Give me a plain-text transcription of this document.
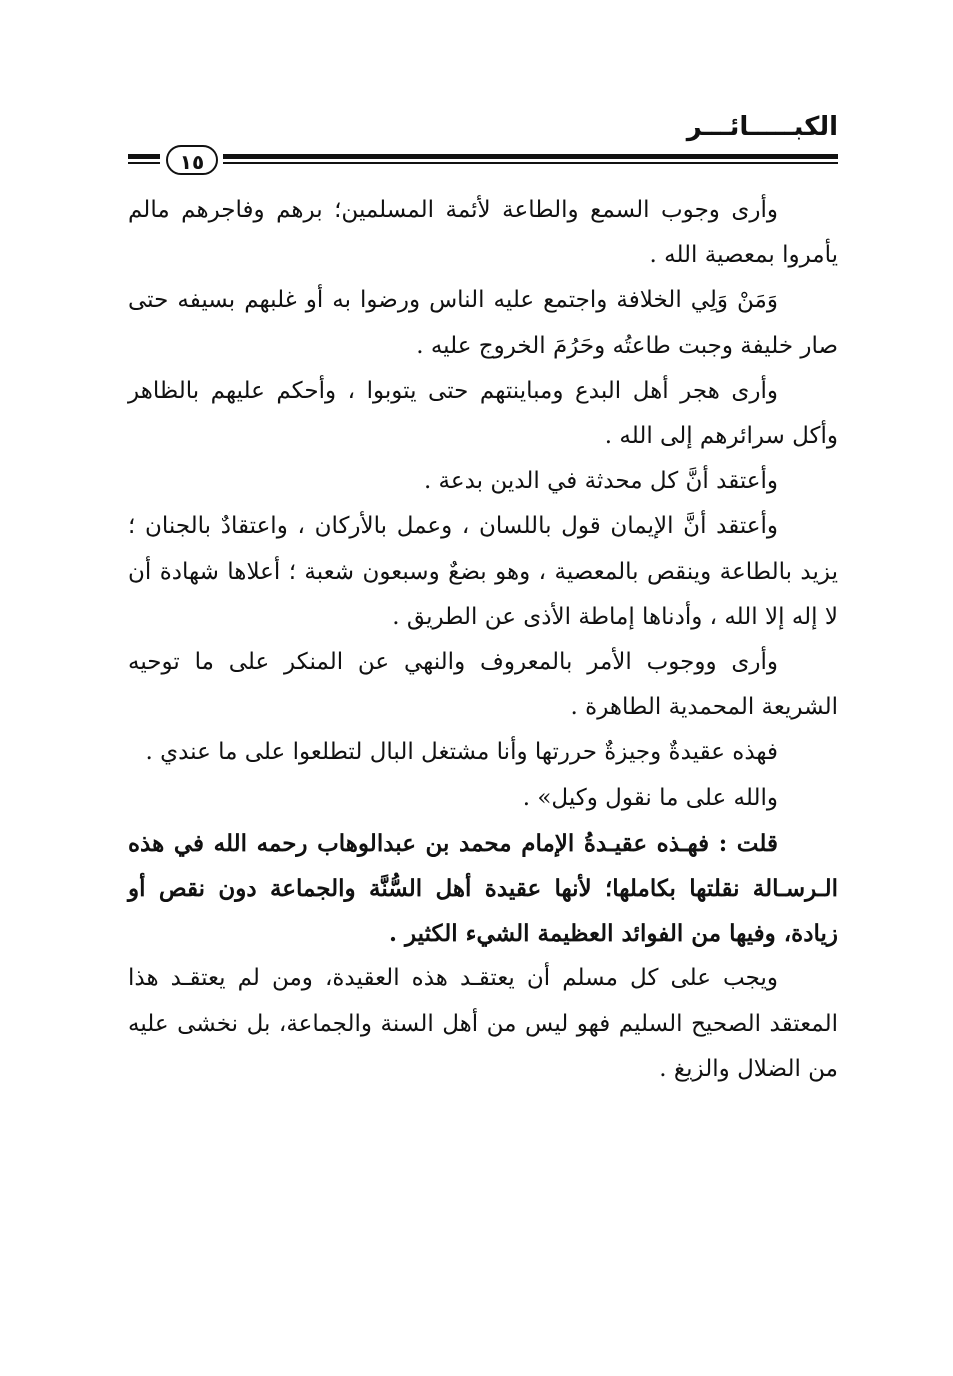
الكبـــــائـــر
١٥

وأرى وجوب السمع والطاعة لأئمة المسلمين؛ برهم وفاجرهم مالم يأمروا بمعصية الله .

وَمَنْ وَلِي الخلافة واجتمع عليه الناس ورضوا به أو غلبهم بسيفه حتى صار خليفة وجبت طاعتُه وحَرُمَ الخروج عليه .

وأرى هجر أهل البدع ومباينتهم حتى يتوبوا ، وأحكم عليهم بالظاهر وأكل سرائرهم إلى الله .

وأعتقد أنَّ كل محدثة في الدين بدعة .

وأعتقد أنَّ الإيمان قول باللسان ، وعمل بالأركان ، واعتقادٌ بالجنان ؛ يزيد بالطاعة وينقص بالمعصية ، وهو بضعٌ وسبعون شعبة ؛ أعلاها شهادة أن لا إله إلا الله ، وأدناها إماطة الأذى عن الطريق .

وأرى ووجوب الأمر بالمعروف والنهي عن المنكر على ما توحيه الشريعة المحمدية الطاهرة .

فهذه عقيدةٌ وجيزةٌ حررتها وأنا مشتغل البال لتطلعوا على ما عندي .

والله على ما نقول وكيل» .

قلت : فهـذه عقيـدةُ الإمام محمد بن عبدالوهاب رحمه الله في هذه الـرسـالة نقلتها بكاملها؛ لأنها عقيدة أهل السُّنَّة والجماعة دون نقص أو زيادة، وفيها من الفوائد العظيمة الشيء الكثير .

ويجب على كل مسلم أن يعتقـد هذه العقيدة، ومن لم يعتقـد هذا المعتقد الصحيح السليم فهو ليس من أهل السنة والجماعة، بل نخشى عليه من الضلال والزيغ .
